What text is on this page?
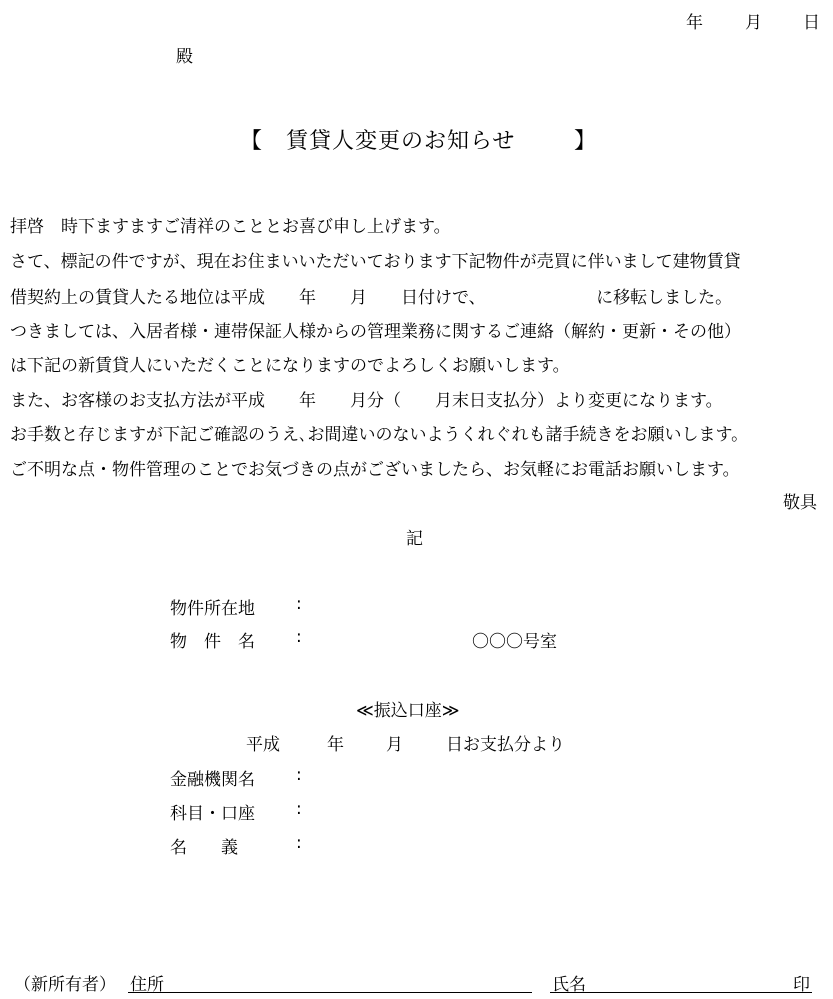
年 月 日
殿
【 賃貸人変更のお知らせ	】
拝啓　時下ますますご清祥のこととお喜び申し上げます。
さて、標記の件ですが、現在お住まいいただいております下記物件が売買に伴いまして建物賃貸
借契約上の賃貸人たる地位は平成　　年　　月　　日付けで、　　　　　　　に移転しました。
つきましては、入居者様・連帯保証人様からの管理業務に関するご連絡（解約・更新・その他）
は下記の新賃貸人にいただくことになりますのでよろしくお願いします。
また、お客様のお支払方法が平成　　年　　月分（　　月末日支払分）より変更になります。
お手数と存じますが下記ご確認のうえ､お間違いのないようくれぐれも諸手続きをお願いします。
ご不明な点・物件管理のことでお気づきの点がございましたら、お気軽にお電話お願いします。
敬具
記
物件所在地 :
物　件　名 :	〇〇〇号室
≪振込口座≫
平成	年 月	日お支払分より
金融機関名 :
科目・口座 :
名　　義	:
（新所有者） 住所	氏名	印
